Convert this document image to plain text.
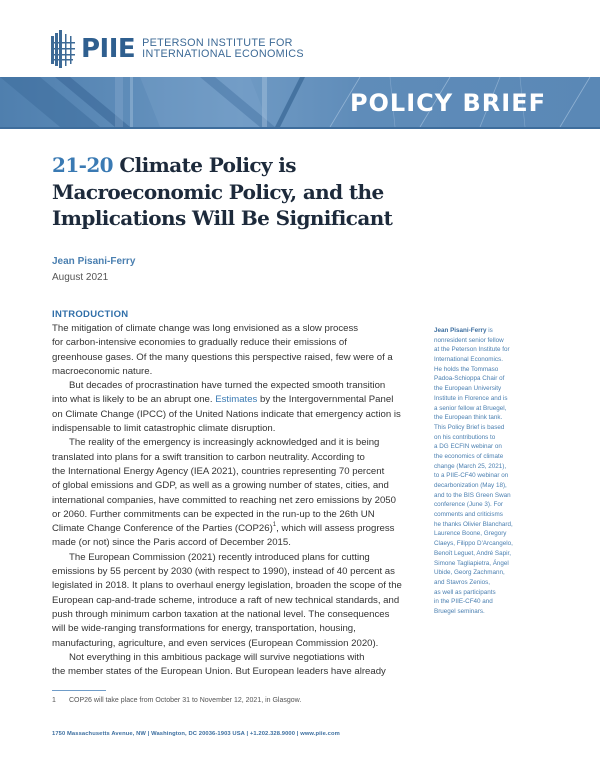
PIIE PETERSON INSTITUTE FOR
INTERNATIONAL ECONOMICS
POLICY BRIEF
21-20 Climate Policy is
Macroeconomic Policy, and the
Implications Will Be Significant
Jean Pisani-Ferry
August 2021
INTRODUCTION
The mitigation of climate change was long envisioned as a slow process
for carbon-intensive economies to gradually reduce their emissions of
greenhouse gases. Of the many questions this perspective raised, few were of a
macroeconomic nature.
But decades of procrastination have turned the expected smooth transition
into what is likely to be an abrupt one. Estimates by the Intergovernmental Panel
on Climate Change (IPCC) of the United Nations indicate that emergency action is
indispensable to limit catastrophic climate disruption.
The reality of the emergency is increasingly acknowledged and it is being
translated into plans for a swift transition to carbon neutrality. According to
the International Energy Agency (IEA 2021), countries representing 70 percent
of global emissions and GDP, as well as a growing number of states, cities, and
international companies, have committed to reaching net zero emissions by 2050
or 2060. Further commitments can be expected in the run-up to the 26th UN
Climate Change Conference of the Parties $(COP26)^1$, which will assess progress
made (or not) since the Paris accord of December 2015.
The European Commission (2021) recently introduced plans for cutting
emissions by 55 percent by 2030 (with respect to 1990), instead of 40 percent as
legislated in 2018. It plans to overhaul energy legislation, broaden the scope of the
European cap-and-trade scheme, introduce a raft of new technical standards, and
push through minimum carbon taxation at the national level. The consequences
will be wide-ranging transformations for energy, transportation, housing,
manufacturing, agriculture, and even services (European Commission 2020).
Not everything in this ambitious package will survive negotiations with
the member states of the European Union. But European leaders have already
Jean Pisani-Ferry is
nonresident senior fellow
at the Peterson Institute for
International Economics.
He holds the Tommaso
Padoa-Schioppa Chair of
the European University
Institute in Florence and is
a senior fellow at Bruegel,
the European think tank.
This Policy Brief is based
on his contributions to
a DG ECFIN webinar on
the economics of climate
change (March 25, 2021),
to a PIIE-CF40 webinar on
decarbonization (May 18),
and to the BIS Green Swan
conference (June 3). For
comments and criticisms
he thanks Olivier Blanchard,
Laurence Boone, Gregory
Claeys, Filippo D'Arcangelo,
Benoît Leguet, André Sapir,
Simone Tagliapietra, Ángel
Ubide, Georg Zachmann,
and Stavros Zenios,
as well as participants
in the PIIE-CF40 and
Bruegel seminars.
1	COP26 will take place from October 31 to November 12, 2021, in Glasgow.
1750 Massachusetts Avenue, NW | Washington, DC 20036-1903 USA | +1.202.328.9000 | www.piie.com
